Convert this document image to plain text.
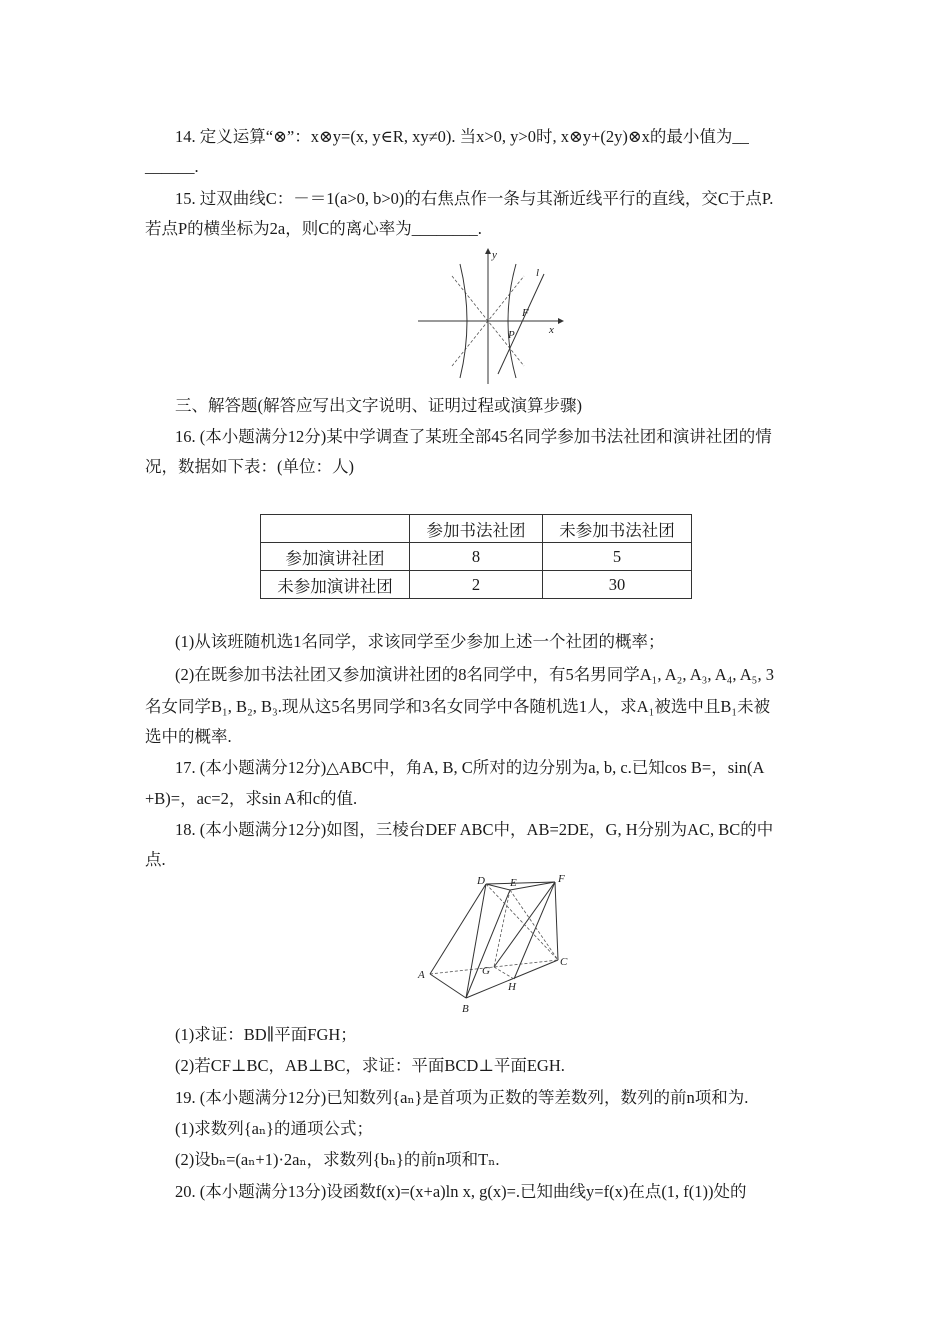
14. 定义运算“⊗”：x⊗y=(x, y∈R, xy≠0). 当x>0, y>0时, x⊗y+(2y)⊗x的最小值为__
______.
15. 过双曲线C：－＝1(a>0, b>0)的右焦点作一条与其渐近线平行的直线，交C于点P.
若点P的横坐标为2a，则C的离心率为________.
y
x
l
F
P
三、解答题(解答应写出文字说明、证明过程或演算步骤)
16. (本小题满分12分)某中学调查了某班全部45名同学参加书法社团和演讲社团的情
况，数据如下表：(单位：人)
	参加书法社团	未参加书法社团
参加演讲社团	8	5
未参加演讲社团	2	30
(1)从该班随机选1名同学，求该同学至少参加上述一个社团的概率；
(2)在既参加书法社团又参加演讲社团的8名同学中，有5名男同学A₁, A₂, A₃, A₄, A₅, 3
名女同学B₁, B₂, B₃.现从这5名男同学和3名女同学中各随机选1人，求A₁被选中且B₁未被
选中的概率.
17. (本小题满分12分)△ABC中，角A, B, C所对的边分别为a, b, c.已知cos B=，sin(A
+B)=，ac=2，求sin A和c的值.
18. (本小题满分12分)如图，三棱台DEF ABC中，AB=2DE，G, H分别为AC, BC的中
点.
D E	F
A	G
C
H
B
(1)求证：BD∥平面FGH；
(2)若CF⊥BC，AB⊥BC，求证：平面BCD⊥平面EGH.
19. (本小题满分12分)已知数列{aₙ}是首项为正数的等差数列，数列的前n项和为.
(1)求数列{aₙ}的通项公式；
(2)设bₙ=(aₙ+1)·2aₙ，求数列{bₙ}的前n项和Tₙ.
20. (本小题满分13分)设函数f(x)=(x+a)ln x, g(x)=.已知曲线y=f(x)在点(1, f(1))处的
